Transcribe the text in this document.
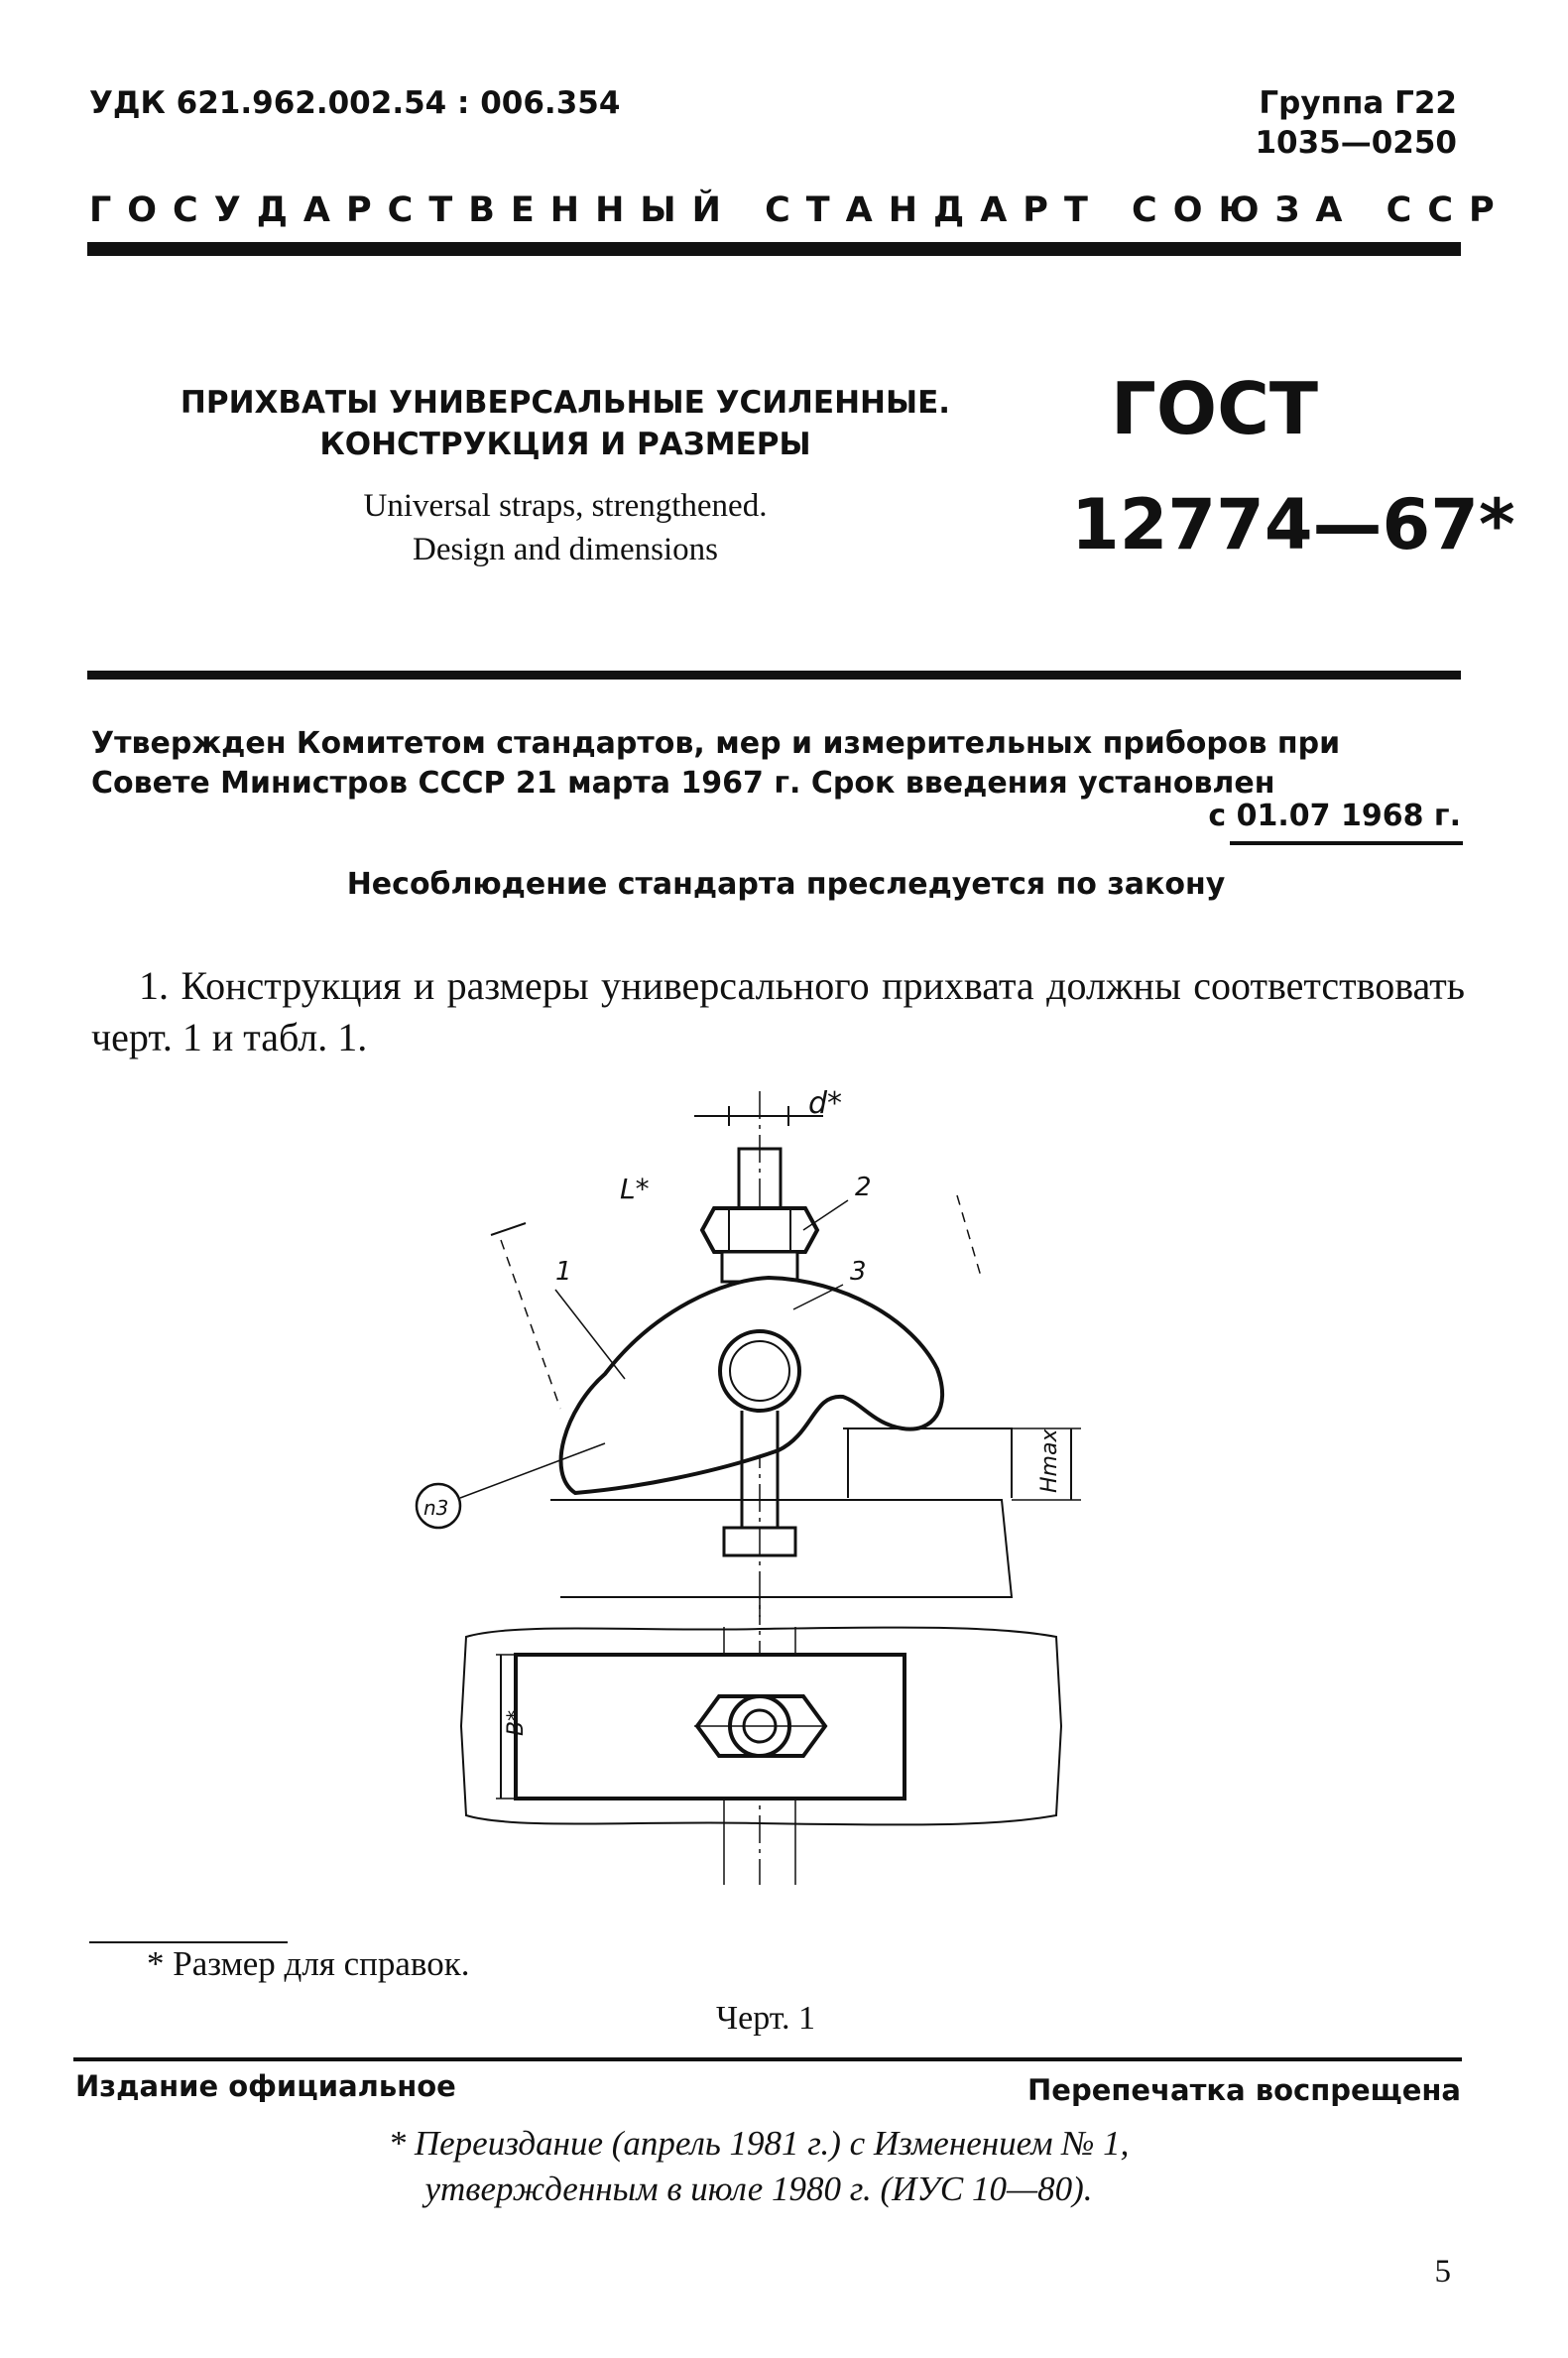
УДК 621.962.002.54 : 006.354	Группа Г22
1035—0250
ГОСУДАРСТВЕННЫЙ СТАНДАРТ СОЮЗА ССР
ПРИХВАТЫ УНИВЕРСАЛЬНЫЕ УСИЛЕННЫЕ.
КОНСТРУКЦИЯ И РАЗМЕРЫ
Universal straps, strengthened.
Design and dimensions
ГОСТ
12774—67*
Утвержден Комитетом стандартов, мер и измерительных приборов при Совете Министров СССР 21 марта 1967 г. Срок введения установлен
с 01.07 1968 г.
Несоблюдение стандарта преследуется по закону
1. Конструкция и размеры универсального прихвата должны соответствовать черт. 1 и табл. 1.
d*
Hmax
L*
1
2
3
n3
B*
* Размер для справок.
Черт. 1
Издание официальное	Перепечатка воспрещена
* Переиздание (апрель 1981 г.) с Изменением № 1,
утвержденным в июле 1980 г. (ИУС 10—80).
5
